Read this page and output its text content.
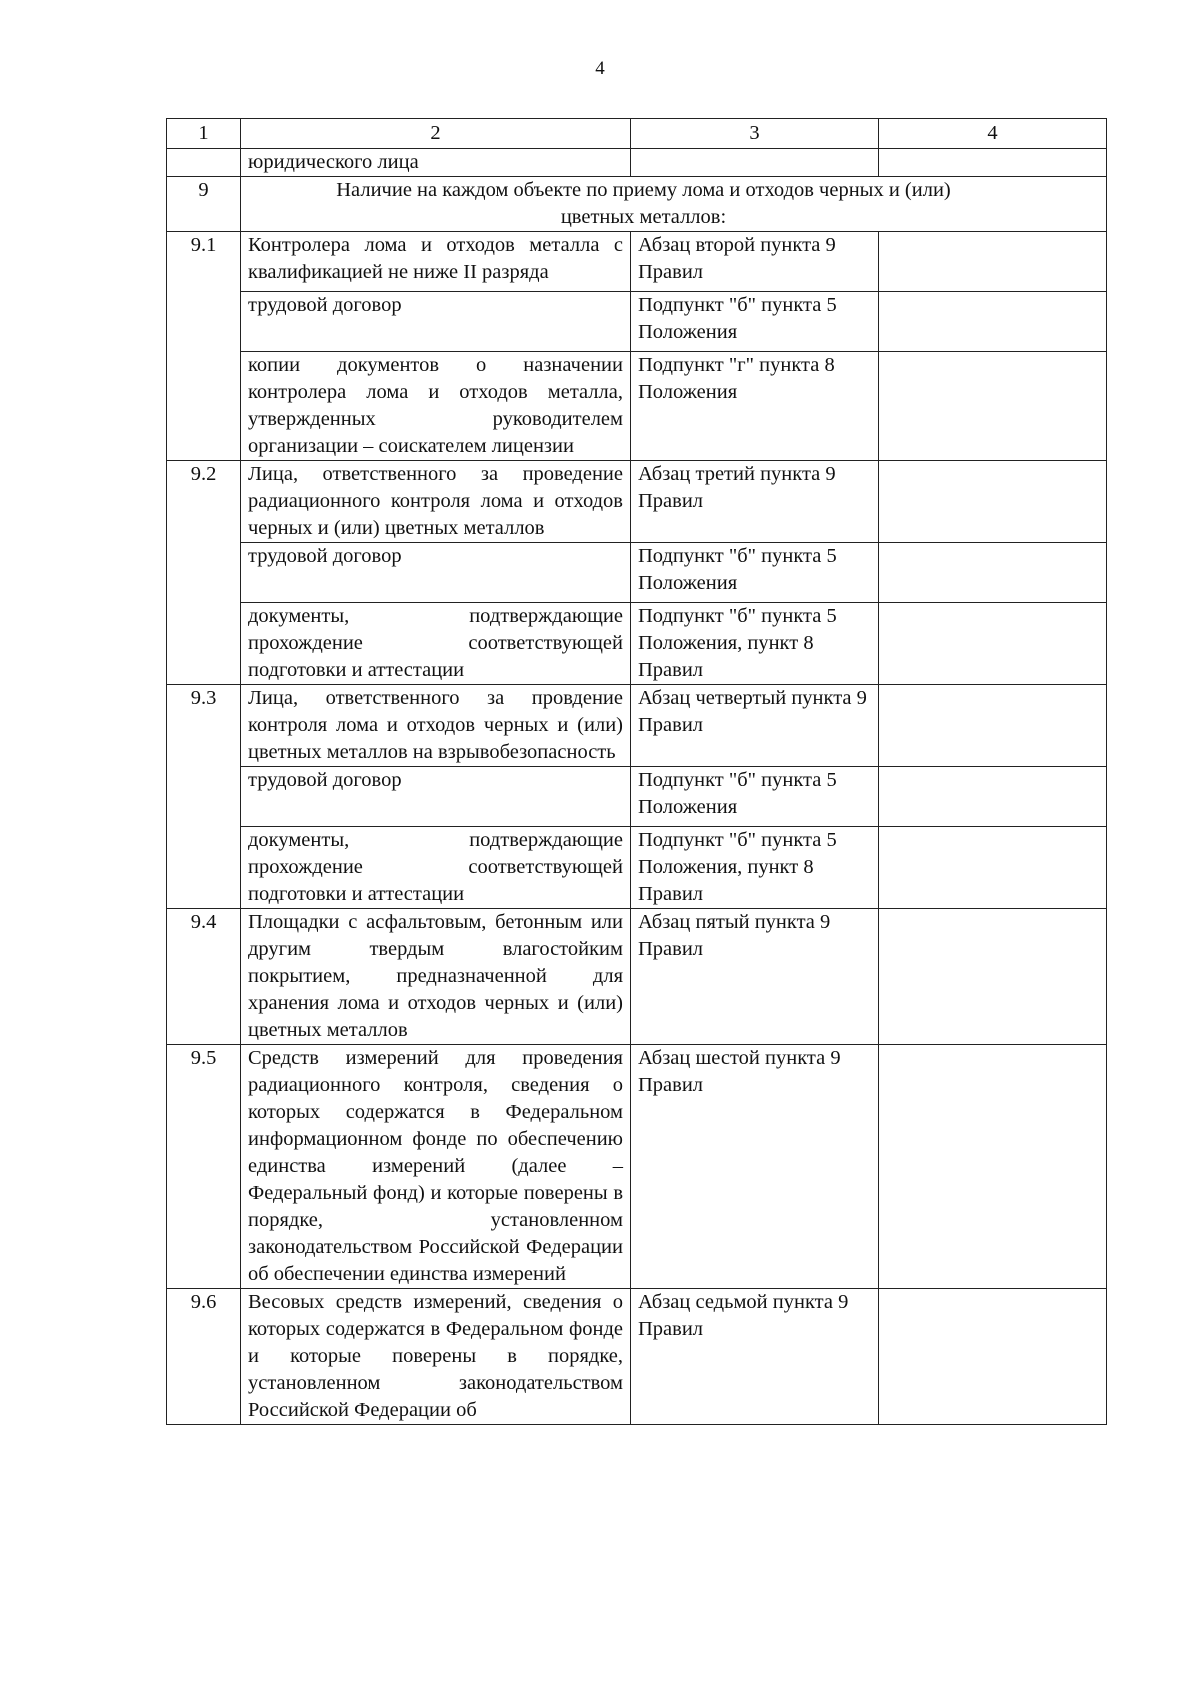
4
1	2	3	4
	юридического лица		
9	Наличие на каждом объекте по приему лома и отходов черных и (или) цветных металлов:		
9.1	Контролера лома и отходов металла с квалификацией не ниже II разряда	Абзац второй пункта 9 Правил	
	трудовой договор	Подпункт "б" пункта 5 Положения	
	копии документов о назначении контролера лома и отходов металла, утвержденных руководителем организации – соискателем лицензии	Подпункт "г" пункта 8 Положения	
9.2	Лица, ответственного за проведение радиационного контроля лома и отходов черных и (или) цветных металлов	Абзац третий пункта 9 Правил	
	трудовой договор	Подпункт "б" пункта 5 Положения	
	документы, подтверждающие прохождение соответствующей подготовки и аттестации	Подпункт "б" пункта 5 Положения, пункт 8 Правил	
9.3	Лица, ответственного за провдение контроля лома и отходов черных и (или) цветных металлов на взрывобезопасность	Абзац четвертый пункта 9 Правил	
	трудовой договор	Подпункт "б" пункта 5 Положения	
	документы, подтверждающие прохождение соответствующей подготовки и аттестации	Подпункт "б" пункта 5 Положения, пункт 8 Правил	
9.4	Площадки с асфальтовым, бетонным или другим твердым влагостойким покрытием, предназначенной для хранения лома и отходов черных и (или) цветных металлов	Абзац пятый пункта 9 Правил	
9.5	Средств измерений для проведения радиационного контроля, сведения о которых содержатся в Федеральном информационном фонде по обеспечению единства измерений (далее – Федеральный фонд) и которые поверены в порядке, установленном законодательством Российской Федерации об обеспечении единства измерений	Абзац шестой пункта 9 Правил	
9.6	Весовых средств измерений, сведения о которых содержатся в Федеральном фонде и которые поверены в порядке, установленном законодательством Российской Федерации об	Абзац седьмой пункта 9 Правил	
